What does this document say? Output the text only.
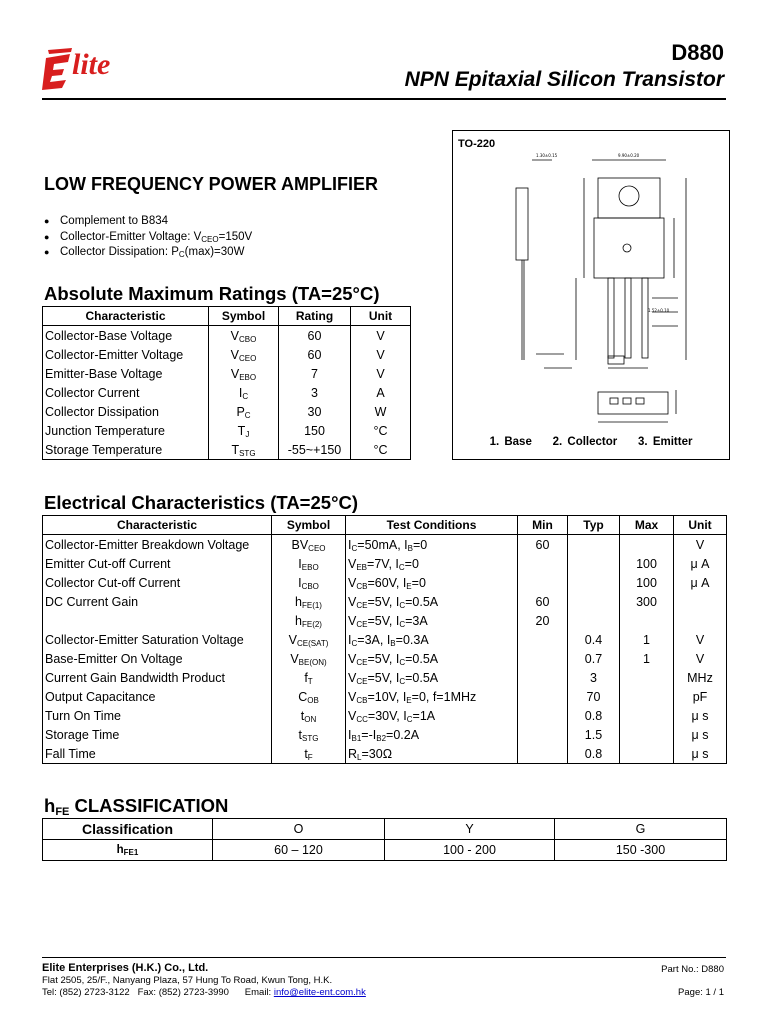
lite	D880
NPN Epitaxial Silicon Transistor
LOW FREQUENCY POWER AMPLIFIER
● Complement to B834
● Collector-Emitter Voltage: $V_{CEO}=150V$
● Collector Dissipation: $P_C(\max)=30W$
Absolute Maximum Ratings (TA=25°C)
Characteristic	Symbol	Rating	Unit
Collector-Base Voltage	$V_{CBO}$	60	V
Collector-Emitter Voltage	$V_{CEO}$	60	V
Emitter-Base Voltage	$V_{EBO}$	7	V
Collector Current	$I_C$	3	A
Collector Dissipation	$P_C$	30	W
Junction Temperature	$T_J$	150	°C
Storage Temperature	$T_{STG}$	-55~+150	°C
1.30±0.15	9.90±0.20
1.52±0.10
TO-220
1. Base    2. Collector    3. Emitter
Electrical Characteristics (TA=25°C)
Characteristic	Symbol	Test Conditions	Min	Typ	Max	Unit
Collector-Emitter Breakdown Voltage	$BV_{CEO}$	$I_C=50mA$, $I_B=0$	60			V
Emitter Cut-off Current	$I_{EBO}$	$V_{EB}=7V$, $I_C=0$			100	μ A
Collector Cut-off Current	$I_{CBO}$	$V_{CB}=60V$, $I_E=0$			100	μ A
DC Current Gain	$h_{FE(1)}$	$V_{CE}=5V$, $I_C=0.5A$	60		300	
	$h_{FE(2)}$	$V_{CE}=5V$, $I_C=3A$	20			
Collector-Emitter Saturation Voltage	$V_{CE(SAT)}$	$I_C=3A$, $I_B=0.3A$		0.4	1	V
Base-Emitter On Voltage	$V_{BE(ON)}$	$V_{CE}=5V$, $I_C=0.5A$		0.7	1	V
Current Gain Bandwidth Product	$f_T$	$V_{CE}=5V$, $I_C=0.5A$		3		MHz
Output Capacitance	$C_{OB}$	$V_{CB}=10V$, $I_E=0$, f=1MHz		70		pF
Turn On Time	$t_{ON}$	$V_{CC}=30V$, $I_C=1A$		0.8		μ s
Storage Time	$t_{STG}$	$I_{B1}=-I_{B2}=0.2A$		1.5		μ s
Fall Time	$t_F$	$R_L=30\Omega$		0.8		μ s
$h_{FE}$ CLASSIFICATION
Classification	O	Y	G
$h_{FE1}$	60 – 120	100 - 200	150 -300
Elite Enterprises (H.K.) Co., Ltd.
Flat 2505, 25/F., Nanyang Plaza, 57 Hung To Road, Kwun Tong, H.K.
Tel: (852) 2723-3122   Fax: (852) 2723-3990      Email: info@elite-ent.com.hk
Part No.: D880
Page: 1 / 1
